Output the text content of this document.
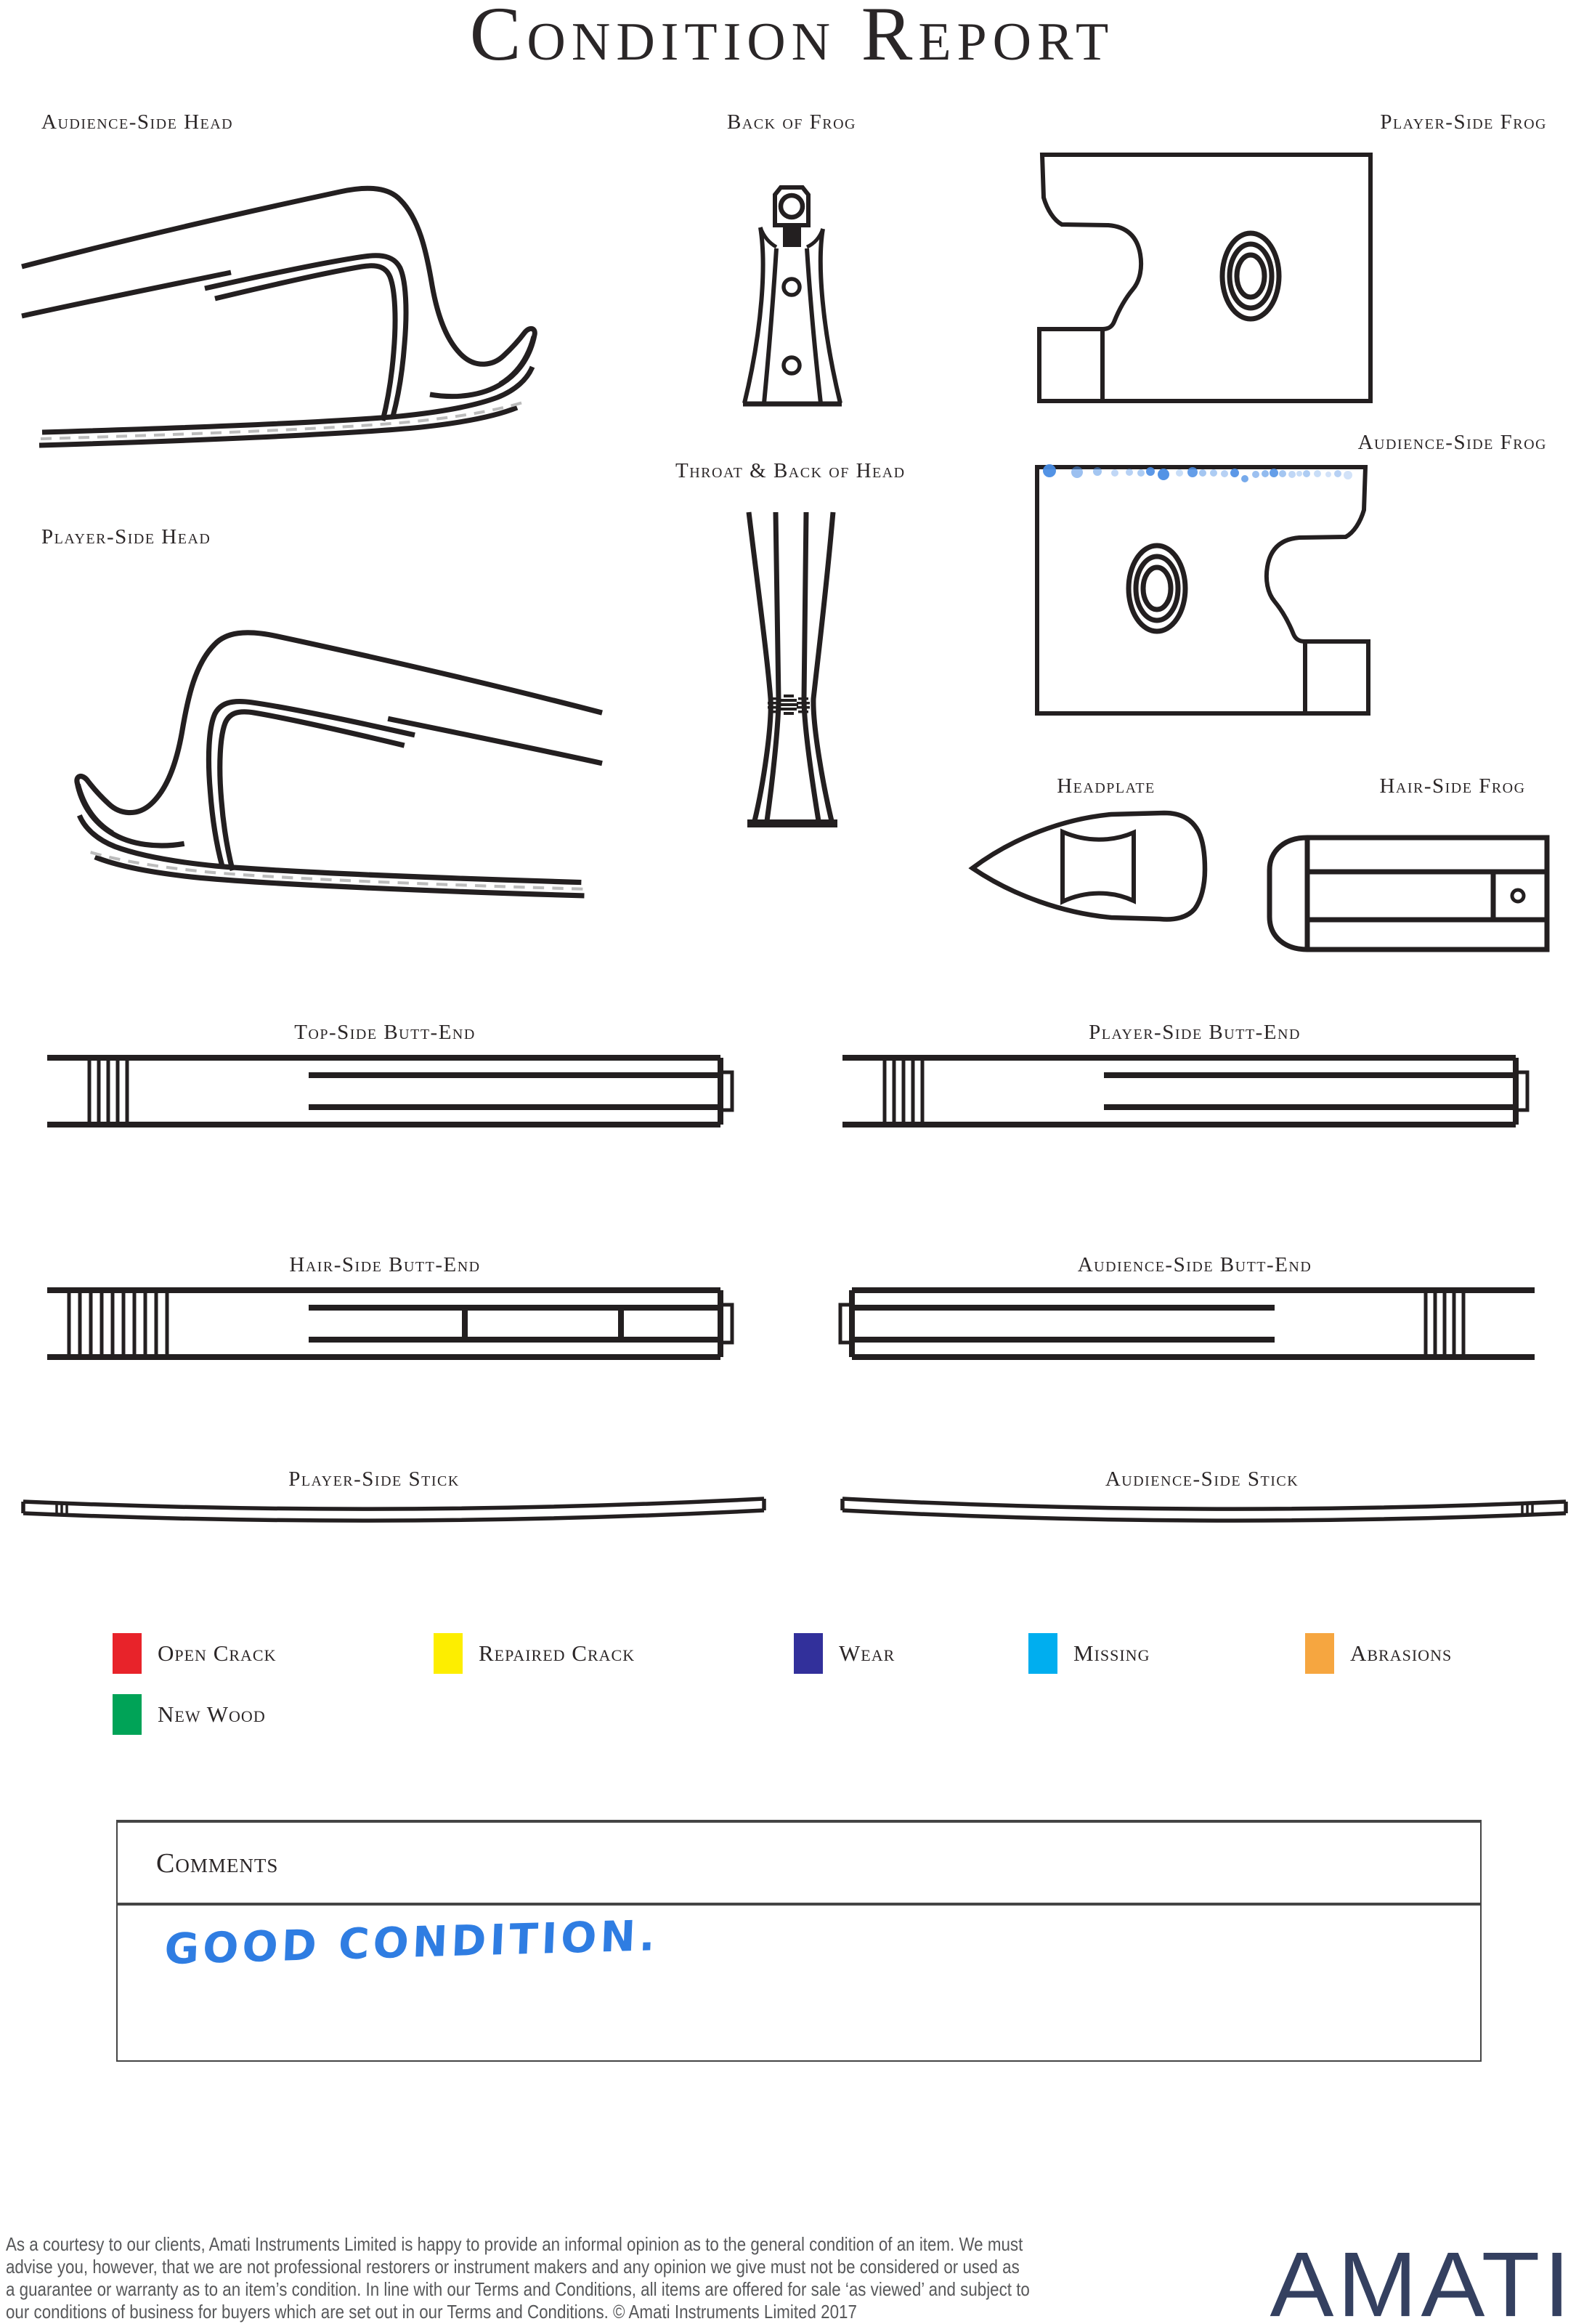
Condition Report
Audience-Side Head	Back of Frog	Player-Side Frog
Audience-Side Frog
Throat & Back of Head
Player-Side Head
Headplate	Hair-Side Frog
Top-Side Butt-End	Player-Side Butt-End
Hair-Side Butt-End	Audience-Side Butt-End
Player-Side Stick	Audience-Side Stick
Open Crack	Repaired Crack	Wear	Missing	Abrasions
New Wood
Comments
GOOD CONDITION.
As a courtesy to our clients, Amati Instruments Limited is happy to provide an informal opinion as to the general condition of an item. We must
advise you, however, that we are not professional restorers or instrument makers and any opinion we give must not be considered or used as
a guarantee or warranty as to an item’s condition. In line with our Terms and Conditions, all items are offered for sale ‘as viewed’ and subject to
our conditions of business for buyers which are set out in our Terms and Conditions. © Amati Instruments Limited 2017	AMATI
